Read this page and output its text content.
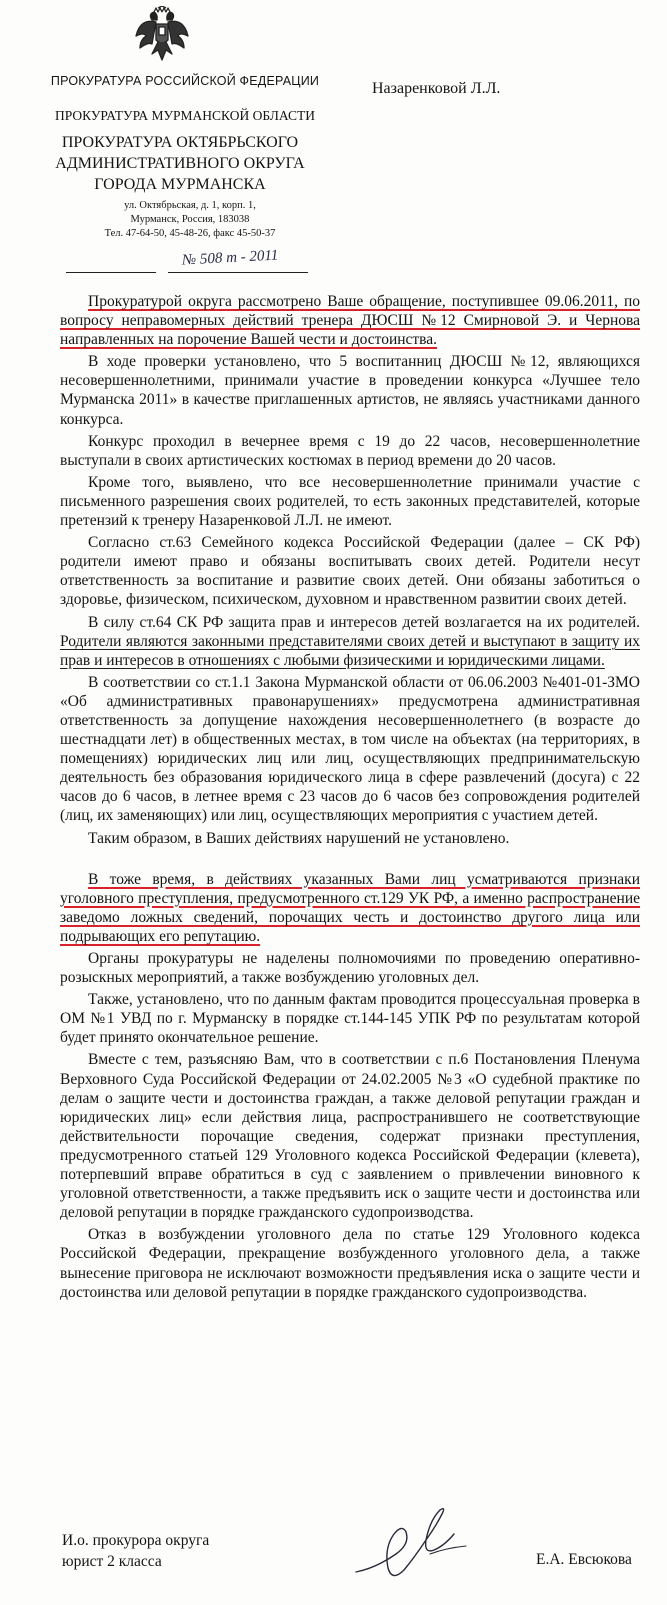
ПРОКУРАТУРА РОССИЙСКОЙ ФЕДЕРАЦИИ
ПРОКУРАТУРА МУРМАНСКОЙ ОБЛАСТИ
ПРОКУРАТУРА ОКТЯБРЬСКОГО АДМИНИСТРАТИВНОГО ОКРУГА ГОРОДА МУРМАНСКА
ул. Октябрьская, д. 1, корп. 1,
Мурманск, Россия, 183038
Тел. 47-64-50, 45-48-26, факс 45-50-37
Назаренковой Л.Л.
№ 508 m - 2011

Прокуратурой округа рассмотрено Ваше обращение, поступившее 09.06.2011, по вопросу неправомерных действий тренера ДЮСШ №12 Смирновой Э. и Чернова направленных на порочение Вашей чести и достоинства.

В ходе проверки установлено, что 5 воспитанниц ДЮСШ №12, являющихся несовершеннолетними, принимали участие в проведении конкурса «Лучшее тело Мурманска 2011» в качестве приглашенных артистов, не являясь участниками данного конкурса.

Конкурс проходил в вечернее время с 19 до 22 часов, несовершеннолетние выступали в своих артистических костюмах в период времени до 20 часов.

Кроме того, выявлено, что все несовершеннолетние принимали участие с письменного разрешения своих родителей, то есть законных представителей, которые претензий к тренеру Назаренковой Л.Л. не имеют.

Согласно ст.63 Семейного кодекса Российской Федерации (далее – СК РФ) родители имеют право и обязаны воспитывать своих детей. Родители несут ответственность за воспитание и развитие своих детей. Они обязаны заботиться о здоровье, физическом, психическом, духовном и нравственном развитии своих детей.

В силу ст.64 СК РФ защита прав и интересов детей возлагается на их родителей. Родители являются законными представителями своих детей и выступают в защиту их прав и интересов в отношениях с любыми физическими и юридическими лицами.

В соответствии со ст.1.1 Закона Мурманской области от 06.06.2003 №401-01-ЗМО «Об административных правонарушениях» предусмотрена административная ответственность за допущение нахождения несовершеннолетнего (в возрасте до шестнадцати лет) в общественных местах, в том числе на объектах (на территориях, в помещениях) юридических лиц или лиц, осуществляющих предпринимательскую деятельность без образования юридического лица в сфере развлечений (досуга) с 22 часов до 6 часов, в летнее время с 23 часов до 6 часов без сопровождения родителей (лиц, их заменяющих) или лиц, осуществляющих мероприятия с участием детей.

Таким образом, в Ваших действиях нарушений не установлено.

В тоже время, в действиях указанных Вами лиц усматриваются признаки уголовного преступления, предусмотренного ст.129 УК РФ, а именно распространение заведомо ложных сведений, порочащих честь и достоинство другого лица или подрывающих его репутацию.

Органы прокуратуры не наделены полномочиями по проведению оперативно-розыскных мероприятий, а также возбуждению уголовных дел.

Также, установлено, что по данным фактам проводится процессуальная проверка в ОМ №1 УВД по г. Мурманску в порядке ст.144-145 УПК РФ по результатам которой будет принято окончательное решение.

Вместе с тем, разъясняю Вам, что в соответствии с п.6 Постановления Пленума Верховного Суда Российской Федерации от 24.02.2005 №3 «О судебной практике по делам о защите чести и достоинства граждан, а также деловой репутации граждан и юридических лиц» если действия лица, распространившего не соответствующие действительности порочащие сведения, содержат признаки преступления, предусмотренного статьей 129 Уголовного кодекса Российской Федерации (клевета), потерпевший вправе обратиться в суд с заявлением о привлечении виновного к уголовной ответственности, а также предъявить иск о защите чести и достоинства или деловой репутации в порядке гражданского судопроизводства.

Отказ в возбуждении уголовного дела по статье 129 Уголовного кодекса Российской Федерации, прекращение возбужденного уголовного дела, а также вынесение приговора не исключают возможности предъявления иска о защите чести и достоинства или деловой репутации в порядке гражданского судопроизводства.

И.о. прокурора округа
юрист 2 класса	Е.А. Евсюкова
